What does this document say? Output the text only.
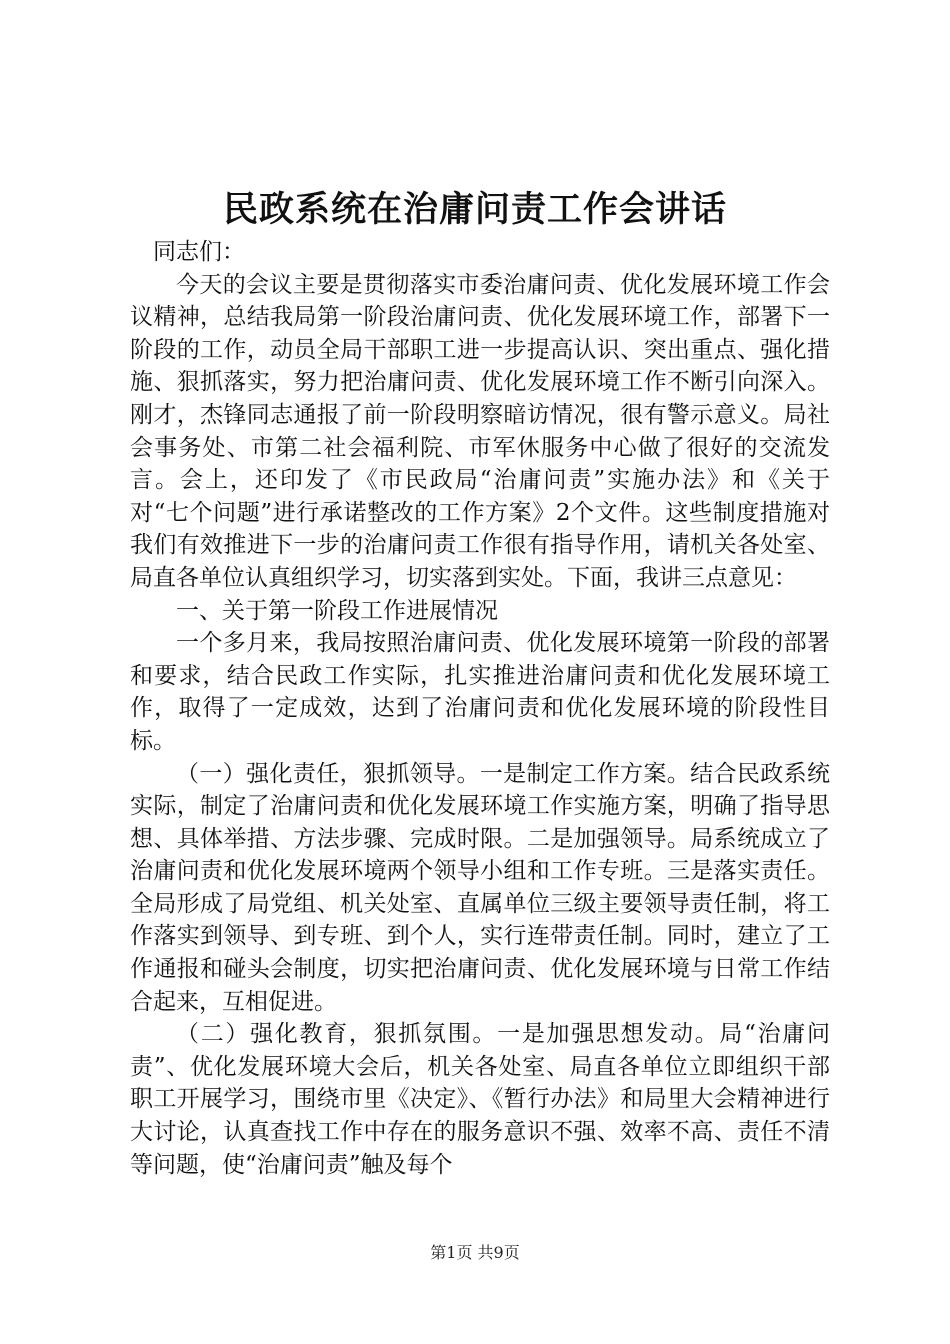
民政系统在治庸问责工作会讲话

同志们：

今天的会议主要是贯彻落实市委治庸问责、优化发展环境工作会议精神，总结我局第一阶段治庸问责、优化发展环境工作，部署下一阶段的工作，动员全局干部职工进一步提高认识、突出重点、强化措施、狠抓落实，努力把治庸问责、优化发展环境工作不断引向深入。刚才，杰锋同志通报了前一阶段明察暗访情况，很有警示意义。局社会事务处、市第二社会福利院、市军休服务中心做了很好的交流发言。会上，还印发了《市民政局“治庸问责”实施办法》和《关于对“七个问题”进行承诺整改的工作方案》2个文件。这些制度措施对我们有效推进下一步的治庸问责工作很有指导作用，请机关各处室、局直各单位认真组织学习，切实落到实处。下面，我讲三点意见：

一、关于第一阶段工作进展情况

一个多月来，我局按照治庸问责、优化发展环境第一阶段的部署和要求，结合民政工作实际，扎实推进治庸问责和优化发展环境工作，取得了一定成效，达到了治庸问责和优化发展环境的阶段性目标。

（一）强化责任，狠抓领导。一是制定工作方案。结合民政系统实际，制定了治庸问责和优化发展环境工作实施方案，明确了指导思想、具体举措、方法步骤、完成时限。二是加强领导。局系统成立了治庸问责和优化发展环境两个领导小组和工作专班。三是落实责任。全局形成了局党组、机关处室、直属单位三级主要领导责任制，将工作落实到领导、到专班、到个人，实行连带责任制。同时，建立了工作通报和碰头会制度，切实把治庸问责、优化发展环境与日常工作结合起来，互相促进。

（二）强化教育，狠抓氛围。一是加强思想发动。局“治庸问责”、优化发展环境大会后，机关各处室、局直各单位立即组织干部职工开展学习，围绕市里《决定》、《暂行办法》和局里大会精神进行大讨论，认真查找工作中存在的服务意识不强、效率不高、责任不清等问题，使“治庸问责”触及每个

第1页 共9页
